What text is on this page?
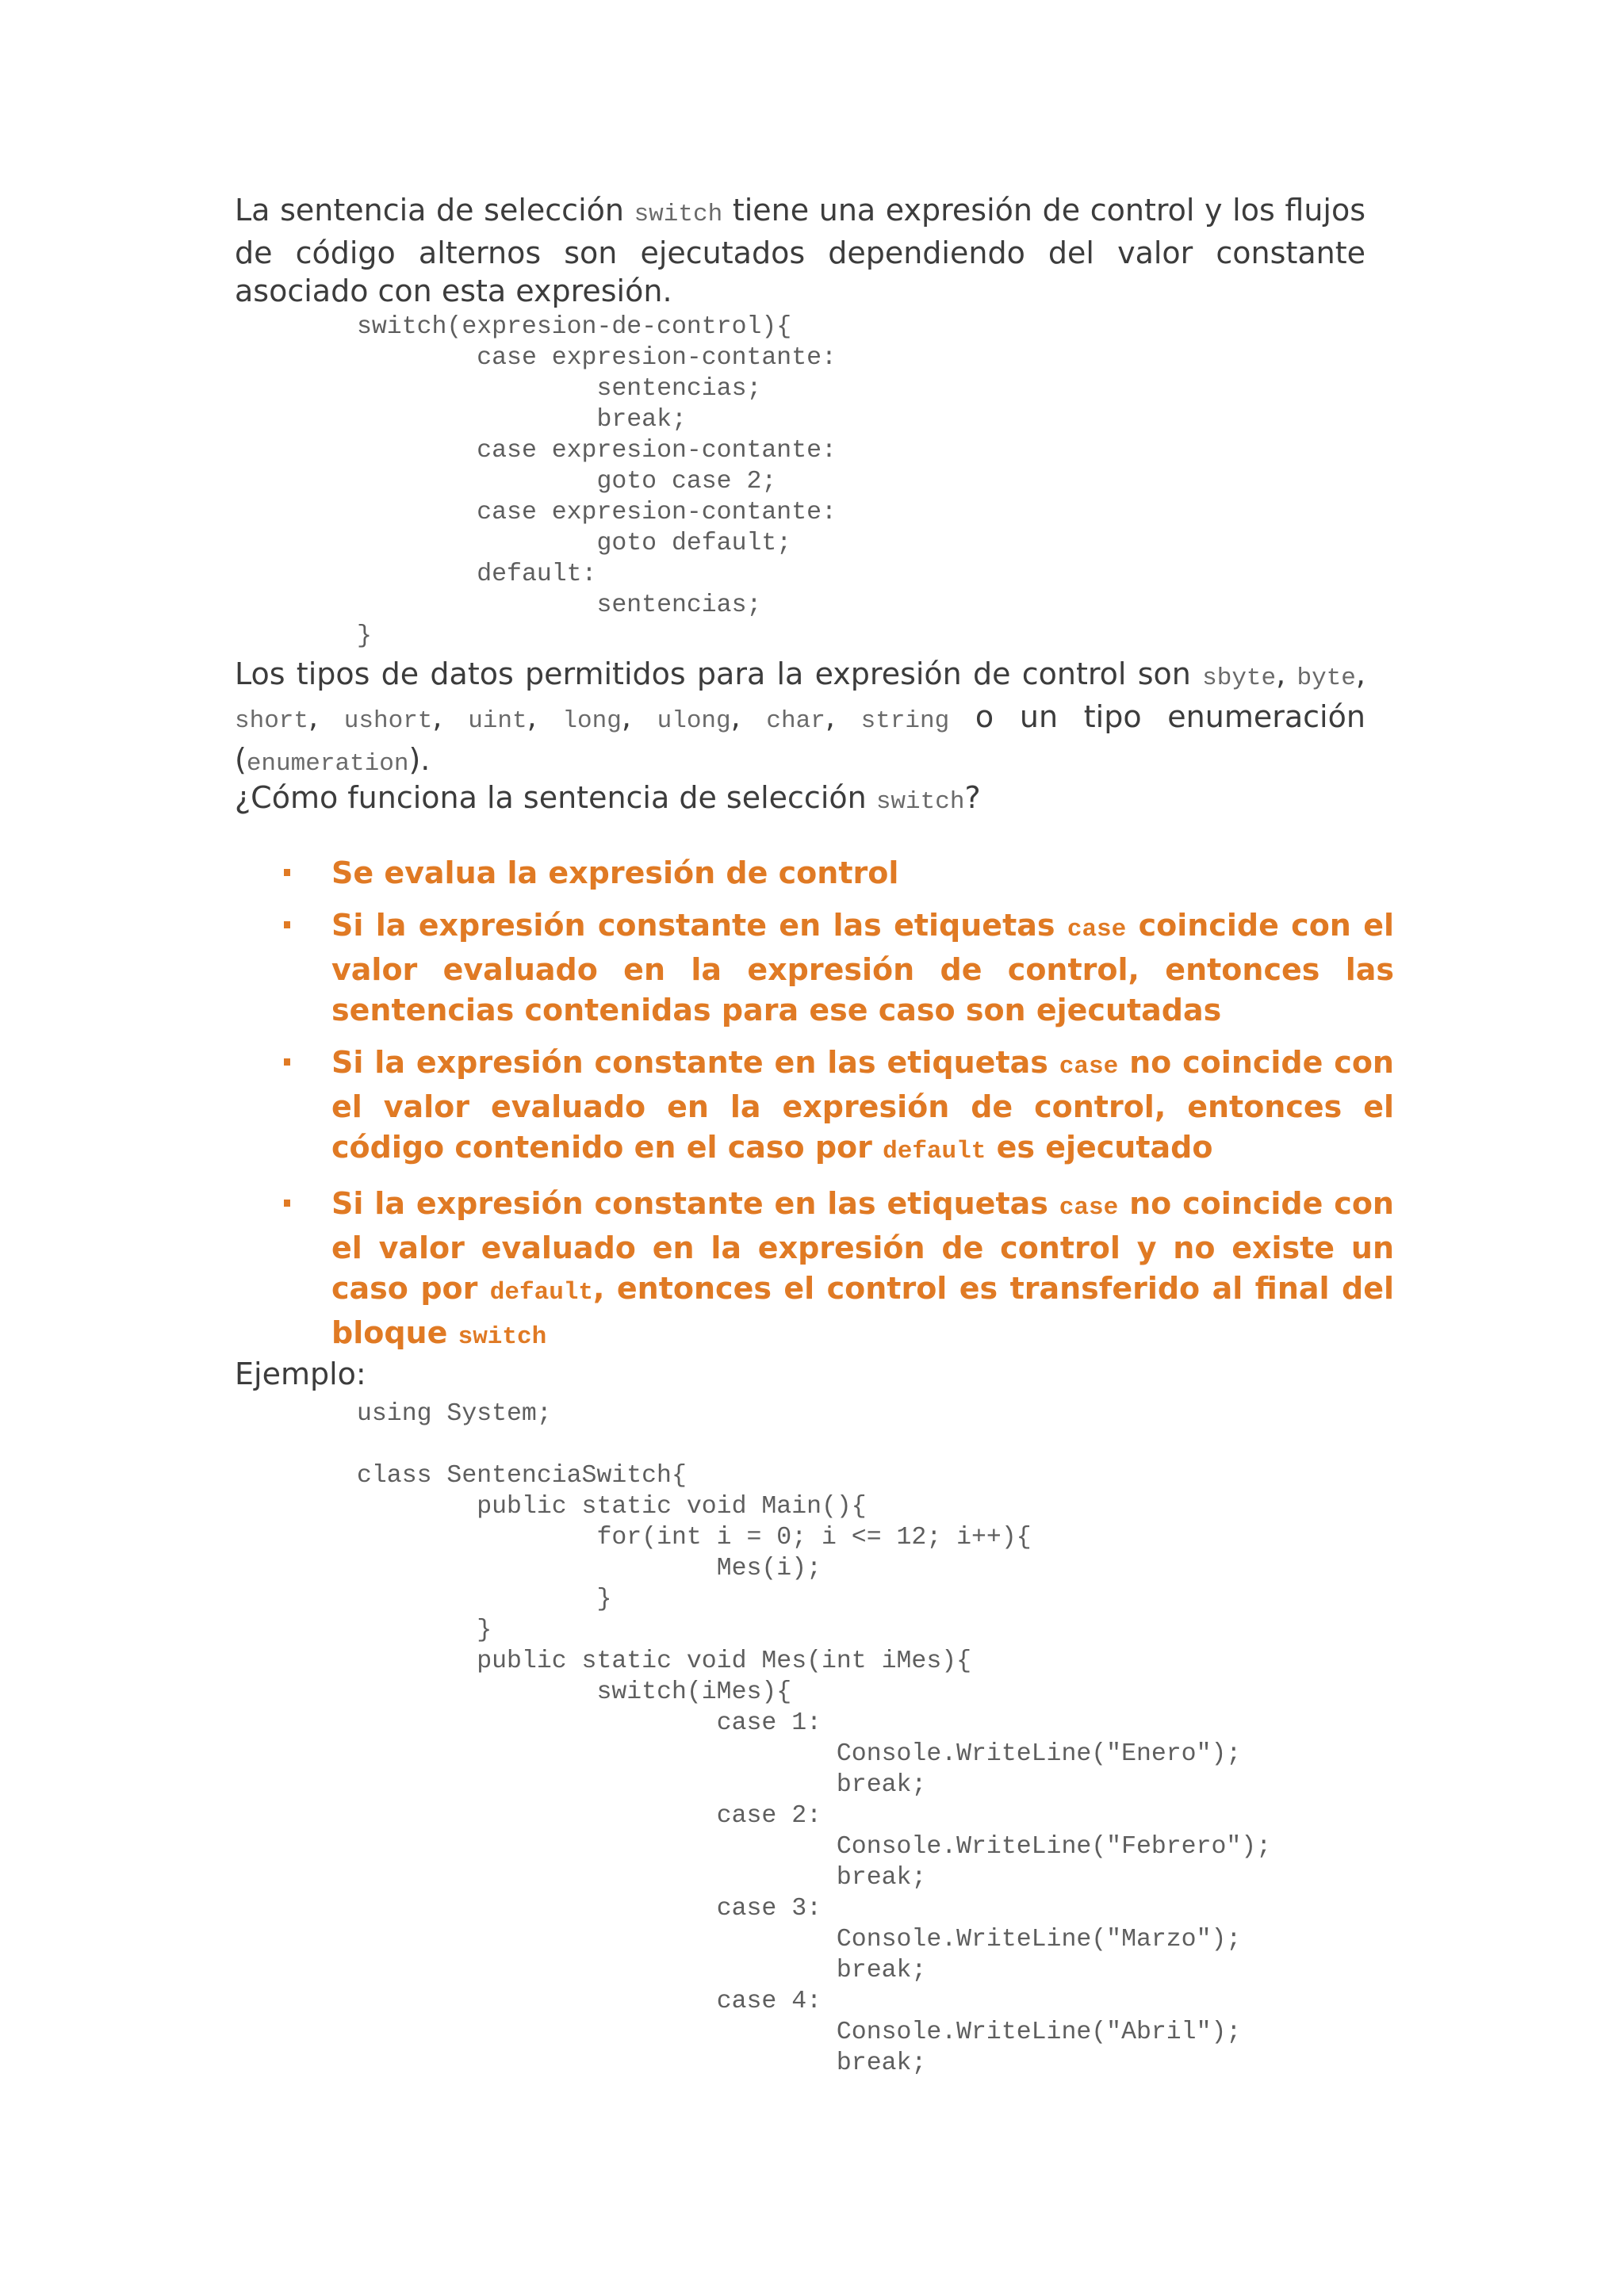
La sentencia de selección switch tiene una expresión de control y los flujos de código alternos son ejecutados dependiendo del valor constante asociado con esta expresión.

switch(expresion-de-control){
	case expresion-contante:
		sentencias;
		break;
	case expresion-contante:
		goto case 2;
	case expresion-contante:
		goto default;
	default:
		sentencias;
}

Los tipos de datos permitidos para la expresión de control son sbyte, byte, short, ushort, uint, long, ulong, char, string o un tipo enumeración (enumeration).

¿Cómo funciona la sentencia de selección switch?

Se evalua la expresión de control
Si la expresión constante en las etiquetas case coincide con el valor evaluado en la expresión de control, entonces las sentencias contenidas para ese caso son ejecutadas
Si la expresión constante en las etiquetas case no coincide con el valor evaluado en la expresión de control, entonces el código contenido en el caso por default es ejecutado
Si la expresión constante en las etiquetas case no coincide con el valor evaluado en la expresión de control y no existe un caso por default, entonces el control es transferido al final del bloque switch

Ejemplo:

using System;
class SentenciaSwitch{
	public static void Main(){
		for(int i = 0; i <= 12; i++){
			Mes(i);
		}
	}
	public static void Mes(int iMes){
		switch(iMes){
			case 1:
				Console.WriteLine("Enero");
				break;
			case 2:
				Console.WriteLine("Febrero");
				break;
			case 3:
				Console.WriteLine("Marzo");
				break;
			case 4:
				Console.WriteLine("Abril");
				break;
